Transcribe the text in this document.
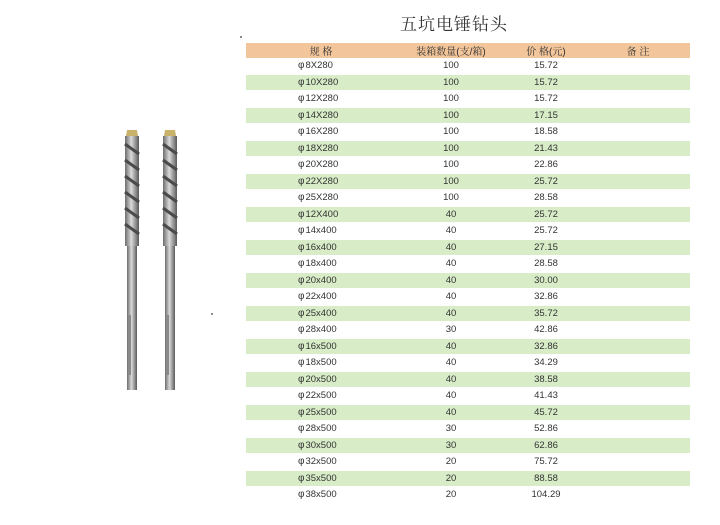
五坑电锤钻头
规 格	装箱数量(支/箱)	价 格(元)	备 注
φ8X280	100	15.72	
φ10X280	100	15.72	
φ12X280	100	15.72	
φ14X280	100	17.15	
φ16X280	100	18.58	
φ18X280	100	21.43	
φ20X280	100	22.86	
φ22X280	100	25.72	
φ25X280	100	28.58	
φ12X400	40	25.72	
φ14x400	40	25.72	
φ16x400	40	27.15	
φ18x400	40	28.58	
φ20x400	40	30.00	
φ22x400	40	32.86	
φ25x400	40	35.72	
φ28x400	30	42.86	
φ16x500	40	32.86	
φ18x500	40	34.29	
φ20x500	40	38.58	
φ22x500	40	41.43	
φ25x500	40	45.72	
φ28x500	30	52.86	
φ30x500	30	62.86	
φ32x500	20	75.72	
φ35x500	20	88.58	
φ38x500	20	104.29	
